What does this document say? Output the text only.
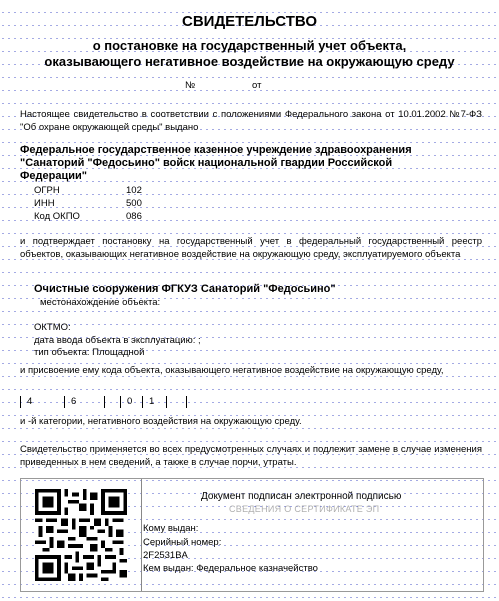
СВИДЕТЕЛЬСТВО
о постановке на государственный учет объекта,
оказывающего негативное воздействие на окружающую среду
№	от
Настоящее свидетельство в соответствии с положениями Федерального закона от 10.01.2002 №7-ФЗ "Об охране окружающей среды" выдано
Федеральное государственное казенное учреждение здравоохранения
"Санаторий "Федосьино" войск национальной гвардии Российской
Федерации"
ОГРН	102
ИНН	500
Код ОКПО	086
и подтверждает постановку на государственный учет в федеральный государственный реестр объектов, оказывающих негативное воздействие на окружающую среду, эксплуатируемого объекта
Очистные сооружения ФГКУЗ Санаторий "Федосьино"
местонахождение объекта:
ОКТМО:
дата ввода объекта в эксплуатацию: ;
тип объекта: Площадной
и присвоение ему кода объекта, оказывающего негативное воздействие на окружающую среду,
4	6	0	1
и -й категории, негативного воздействия на окружающую среду.
Свидетельство применяется во всех предусмотренных случаях и подлежит замене в случае изменения приведенных в нем сведений, а также в случае порчи, утраты.
Документ подписан электронной подписью
СВЕДЕНИЯ О СЕРТИФИКАТЕ ЭП
Кому выдан:
Серийный номер:
2F2531BA
Кем выдан: Федеральное казначейство
